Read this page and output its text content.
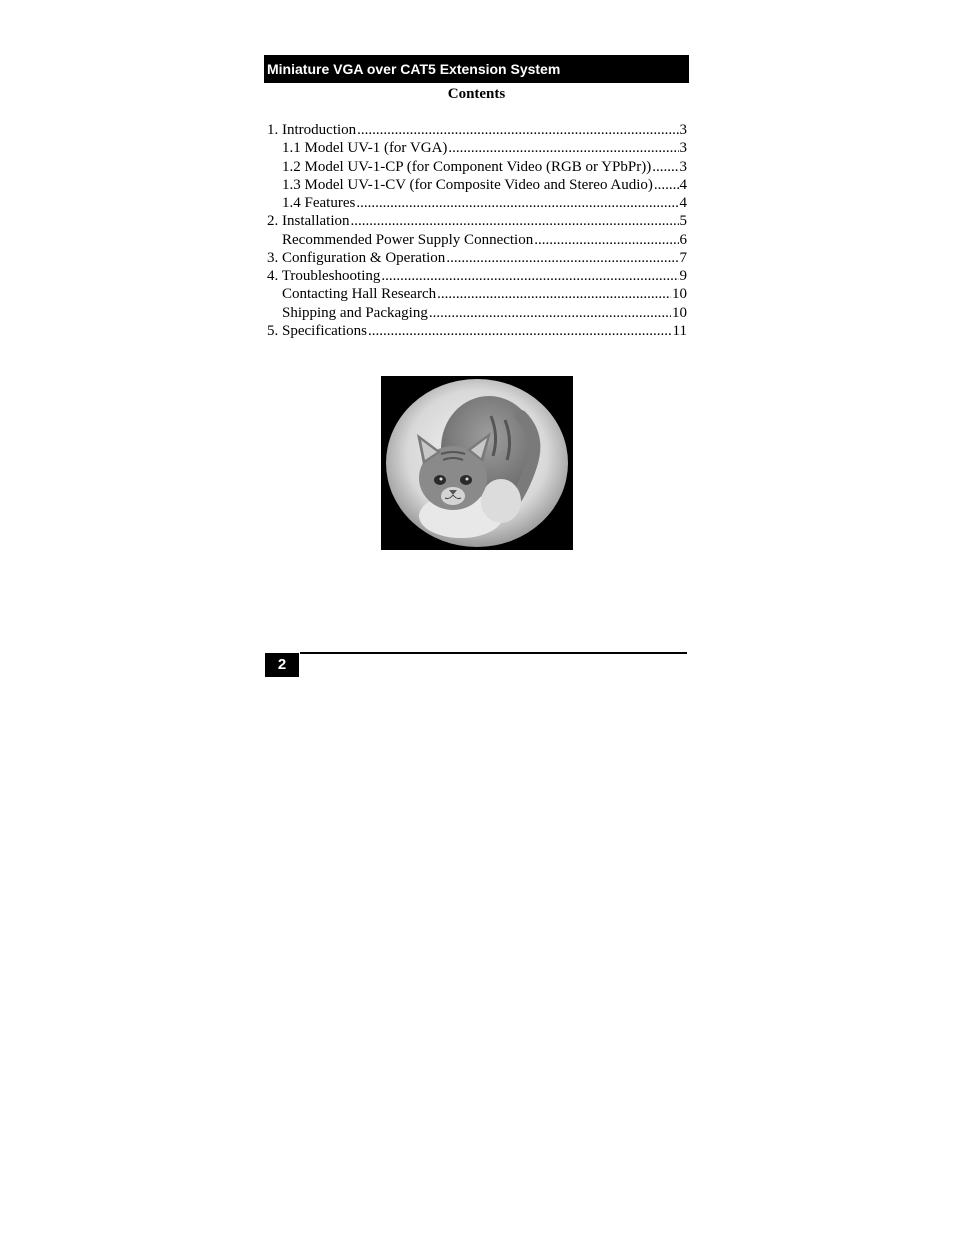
Miniature VGA over CAT5 Extension System
Contents
1. Introduction .....	3
1.1 Model UV-1 (for VGA) .....	3
1.2 Model UV-1-CP (for Component Video (RGB or YPbPr)) ..... 3
1.3 Model UV-1-CV (for Composite Video and Stereo Audio) ..... 4
1.4 Features .....	4
2. Installation .....	5
Recommended Power Supply Connection .....	6
3. Configuration & Operation .....	7
4. Troubleshooting .....	9
Contacting Hall Research .....	10
Shipping and Packaging .....	10
5. Specifications .....	11
2
